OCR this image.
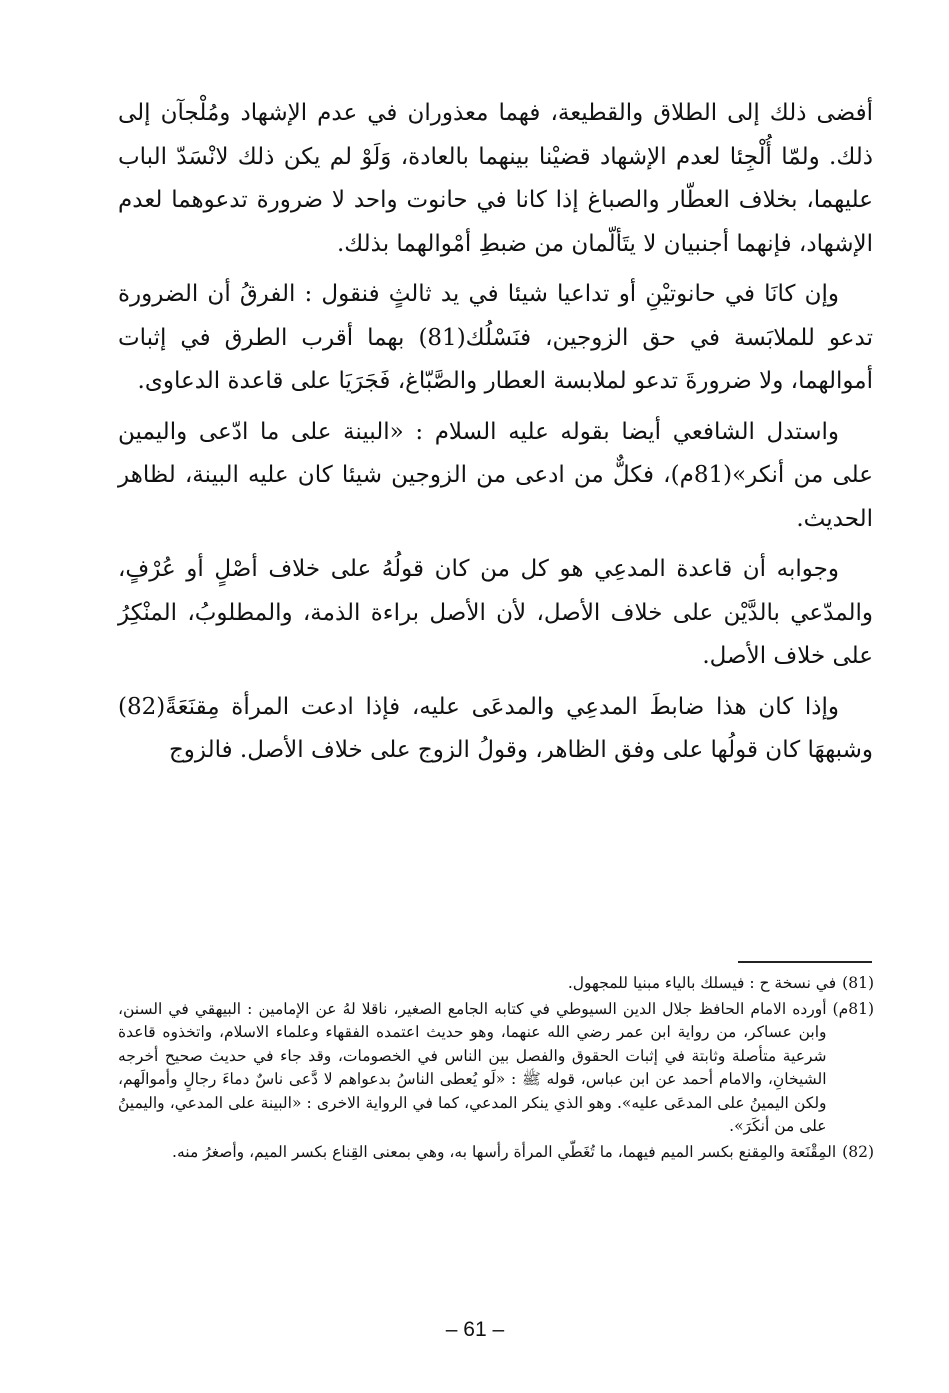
أفضى ذلك إلى الطلاق والقطيعة، فهما معذوران في عدم الإشهاد ومُلْجآن إلى ذلك. ولمّا أُلْجِئا لعدم الإشهاد قضيْنا بينهما بالعادة، وَلَوْ لم يكن ذلك لانْسَدّ الباب عليهما، بخلاف العطّار والصباغ إذا كانا في حانوت واحد لا ضرورة تدعوهما لعدم الإشهاد، فإنهما أجنبيان لا يتَألّمان من ضبطِ أمْوالهما بذلك.

وإن كانَا في حانوتيْنِ أو تداعيا شيئا في يد ثالثٍ فنقول : الفرقُ أن الضرورة تدعو للملابَسة في حق الزوجين، فنَسْلُك(81) بهما أقرب الطرق في إثبات أموالهما، ولا ضرورةَ تدعو لملابسة العطار والصَّبّاغ، فَجَرَيَا على قاعدة الدعاوى.

واستدل الشافعي أيضا بقوله عليه السلام : «البينة على ما ادّعى واليمين على من أنكر»(81م)، فكلٌّ من ادعى من الزوجين شيئا كان عليه البينة، لظاهر الحديث.

وجوابه أن قاعدة المدعِي هو كل من كان قولُهُ على خلاف أصْلٍ أو عُرْفٍ، والمدّعي بالدَّيْن على خلاف الأصل، لأن الأصل براءة الذمة، والمطلوبُ، المنْكِرُ على خلاف الأصل.

وإذا كان هذا ضابطَ المدعِي والمدعَى عليه، فإذا ادعت المرأة مِقنَعَةً(82) وشبههَا كان قولُها على وفق الظاهر، وقولُ الزوج على خلاف الأصل. فالزوج

(81)
في نسخة ح : فيسلك بالياء مبنيا للمجهول.
(81م)
أورده الامام الحافظ جلال الدين السيوطي في كتابه الجامع الصغير، ناقلا لهُ عن الإمامين : البيهقي في السنن، وابن عساكر، من رواية ابن عمر رضي الله عنهما، وهو حديث اعتمده الفقهاء وعلماء الاسلام، واتخذوه قاعدة شرعية متأصلة وثابتة في إثبات الحقوق والفصل بين الناس في الخصومات، وقد جاء في حديث صحيح أخرجه الشيخانِ، والامام أحمد عن ابن عباس، قوله ﷺ : «لَو يُعطى الناسُ بدعواهم لا دَّعى ناسٌ دماءَ رجالٍ وأموالَهم، ولكن اليمينُ على المدعَى عليه». وهو الذي ينكر المدعي، كما في الرواية الاخرى : «البينة على المدعي، واليمينُ على من أنكَرَ».
(82)
المِقْنَعة والمِقنع بكسر الميم فيهما، ما تُغَطّي المرأة رأسها به، وهي بمعنى القِناع بكسر الميم، وأصغرُ منه.
– 61 –
